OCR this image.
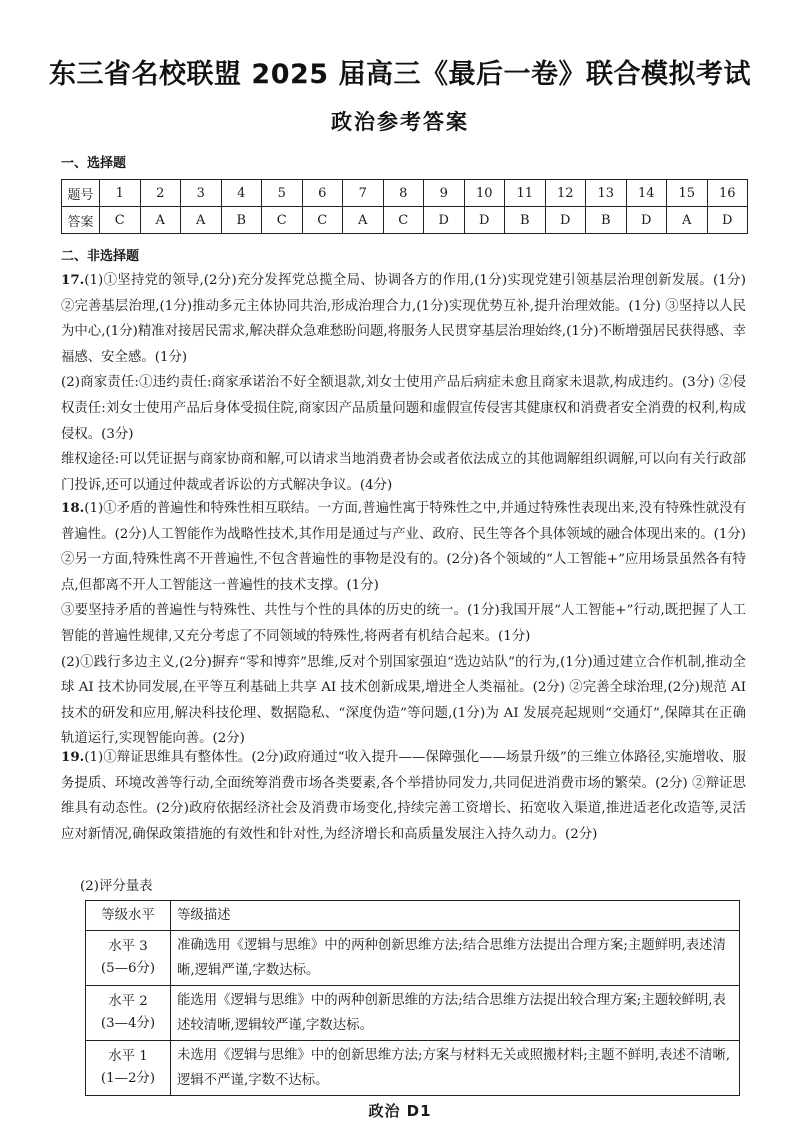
东三省名校联盟 2025 届高三《最后一卷》联合模拟考试
政治参考答案
一、选择题
题号	1	2	3	4	5	6	7	8	9	10	11	12	13	14	15	16
答案	C	A	A	B	C	C	A	C	D	D	B	D	B	D	A	D
二、非选择题

17.(1)①坚持党的领导,(2分)充分发挥党总揽全局、协调各方的作用,(1分)实现党建引领基层治理创新发展。(1分) ②完善基层治理,(1分)推动多元主体协同共治,形成治理合力,(1分)实现优势互补,提升治理效能。(1分) ③坚持以人民为中心,(1分)精准对接居民需求,解决群众急难愁盼问题,将服务人民贯穿基层治理始终,(1分)不断增强居民获得感、幸福感、安全感。(1分)

(2)商家责任:①违约责任:商家承诺治不好全额退款,刘女士使用产品后病症未愈且商家未退款,构成违约。(3分) ②侵权责任:刘女士使用产品后身体受损住院,商家因产品质量问题和虚假宣传侵害其健康权和消费者安全消费的权利,构成侵权。(3分)

维权途径:可以凭证据与商家协商和解,可以请求当地消费者协会或者依法成立的其他调解组织调解,可以向有关行政部门投诉,还可以通过仲裁或者诉讼的方式解决争议。(4分)

18.(1)①矛盾的普遍性和特殊性相互联结。一方面,普遍性寓于特殊性之中,并通过特殊性表现出来,没有特殊性就没有普遍性。(2分)人工智能作为战略性技术,其作用是通过与产业、政府、民生等各个具体领域的融合体现出来的。(1分) ②另一方面,特殊性离不开普遍性,不包含普遍性的事物是没有的。(2分)各个领域的“人工智能+”应用场景虽然各有特点,但都离不开人工智能这一普遍性的技术支撑。(1分)

③要坚持矛盾的普遍性与特殊性、共性与个性的具体的历史的统一。(1分)我国开展“人工智能+”行动,既把握了人工智能的普遍性规律,又充分考虑了不同领域的特殊性,将两者有机结合起来。(1分)

(2)①践行多边主义,(2分)摒弃“零和博弈”思维,反对个别国家强迫“选边站队”的行为,(1分)通过建立合作机制,推动全球 AI 技术协同发展,在平等互利基础上共享 AI 技术创新成果,增进全人类福祉。(2分) ②完善全球治理,(2分)规范 AI 技术的研发和应用,解决科技伦理、数据隐私、“深度伪造”等问题,(1分)为 AI 发展亮起规则“交通灯”,保障其在正确轨道运行,实现智能向善。(2分)

19.(1)①辩证思维具有整体性。(2分)政府通过“收入提升——保障强化——场景升级”的三维立体路径,实施增收、服务提质、环境改善等行动,全面统筹消费市场各类要素,各个举措协同发力,共同促进消费市场的繁荣。(2分) ②辩证思维具有动态性。(2分)政府依据经济社会及消费市场变化,持续完善工资增长、拓宽收入渠道,推进适老化改造等,灵活应对新情况,确保政策措施的有效性和针对性,为经济增长和高质量发展注入持久动力。(2分)

(2)评分量表
等级水平	等级描述
水平 3
(5—6分)	准确选用《逻辑与思维》中的两种创新思维方法;结合思维方法提出合理方案;主题鲜明,表述清晰,逻辑严谨,字数达标。
水平 2
(3—4分)	能选用《逻辑与思维》中的两种创新思维的方法;结合思维方法提出较合理方案;主题较鲜明,表述较清晰,逻辑较严谨,字数达标。
水平 1
(1—2分)	未选用《逻辑与思维》中的创新思维方法;方案与材料无关或照搬材料;主题不鲜明,表述不清晰,逻辑不严谨,字数不达标。
政治 D1
